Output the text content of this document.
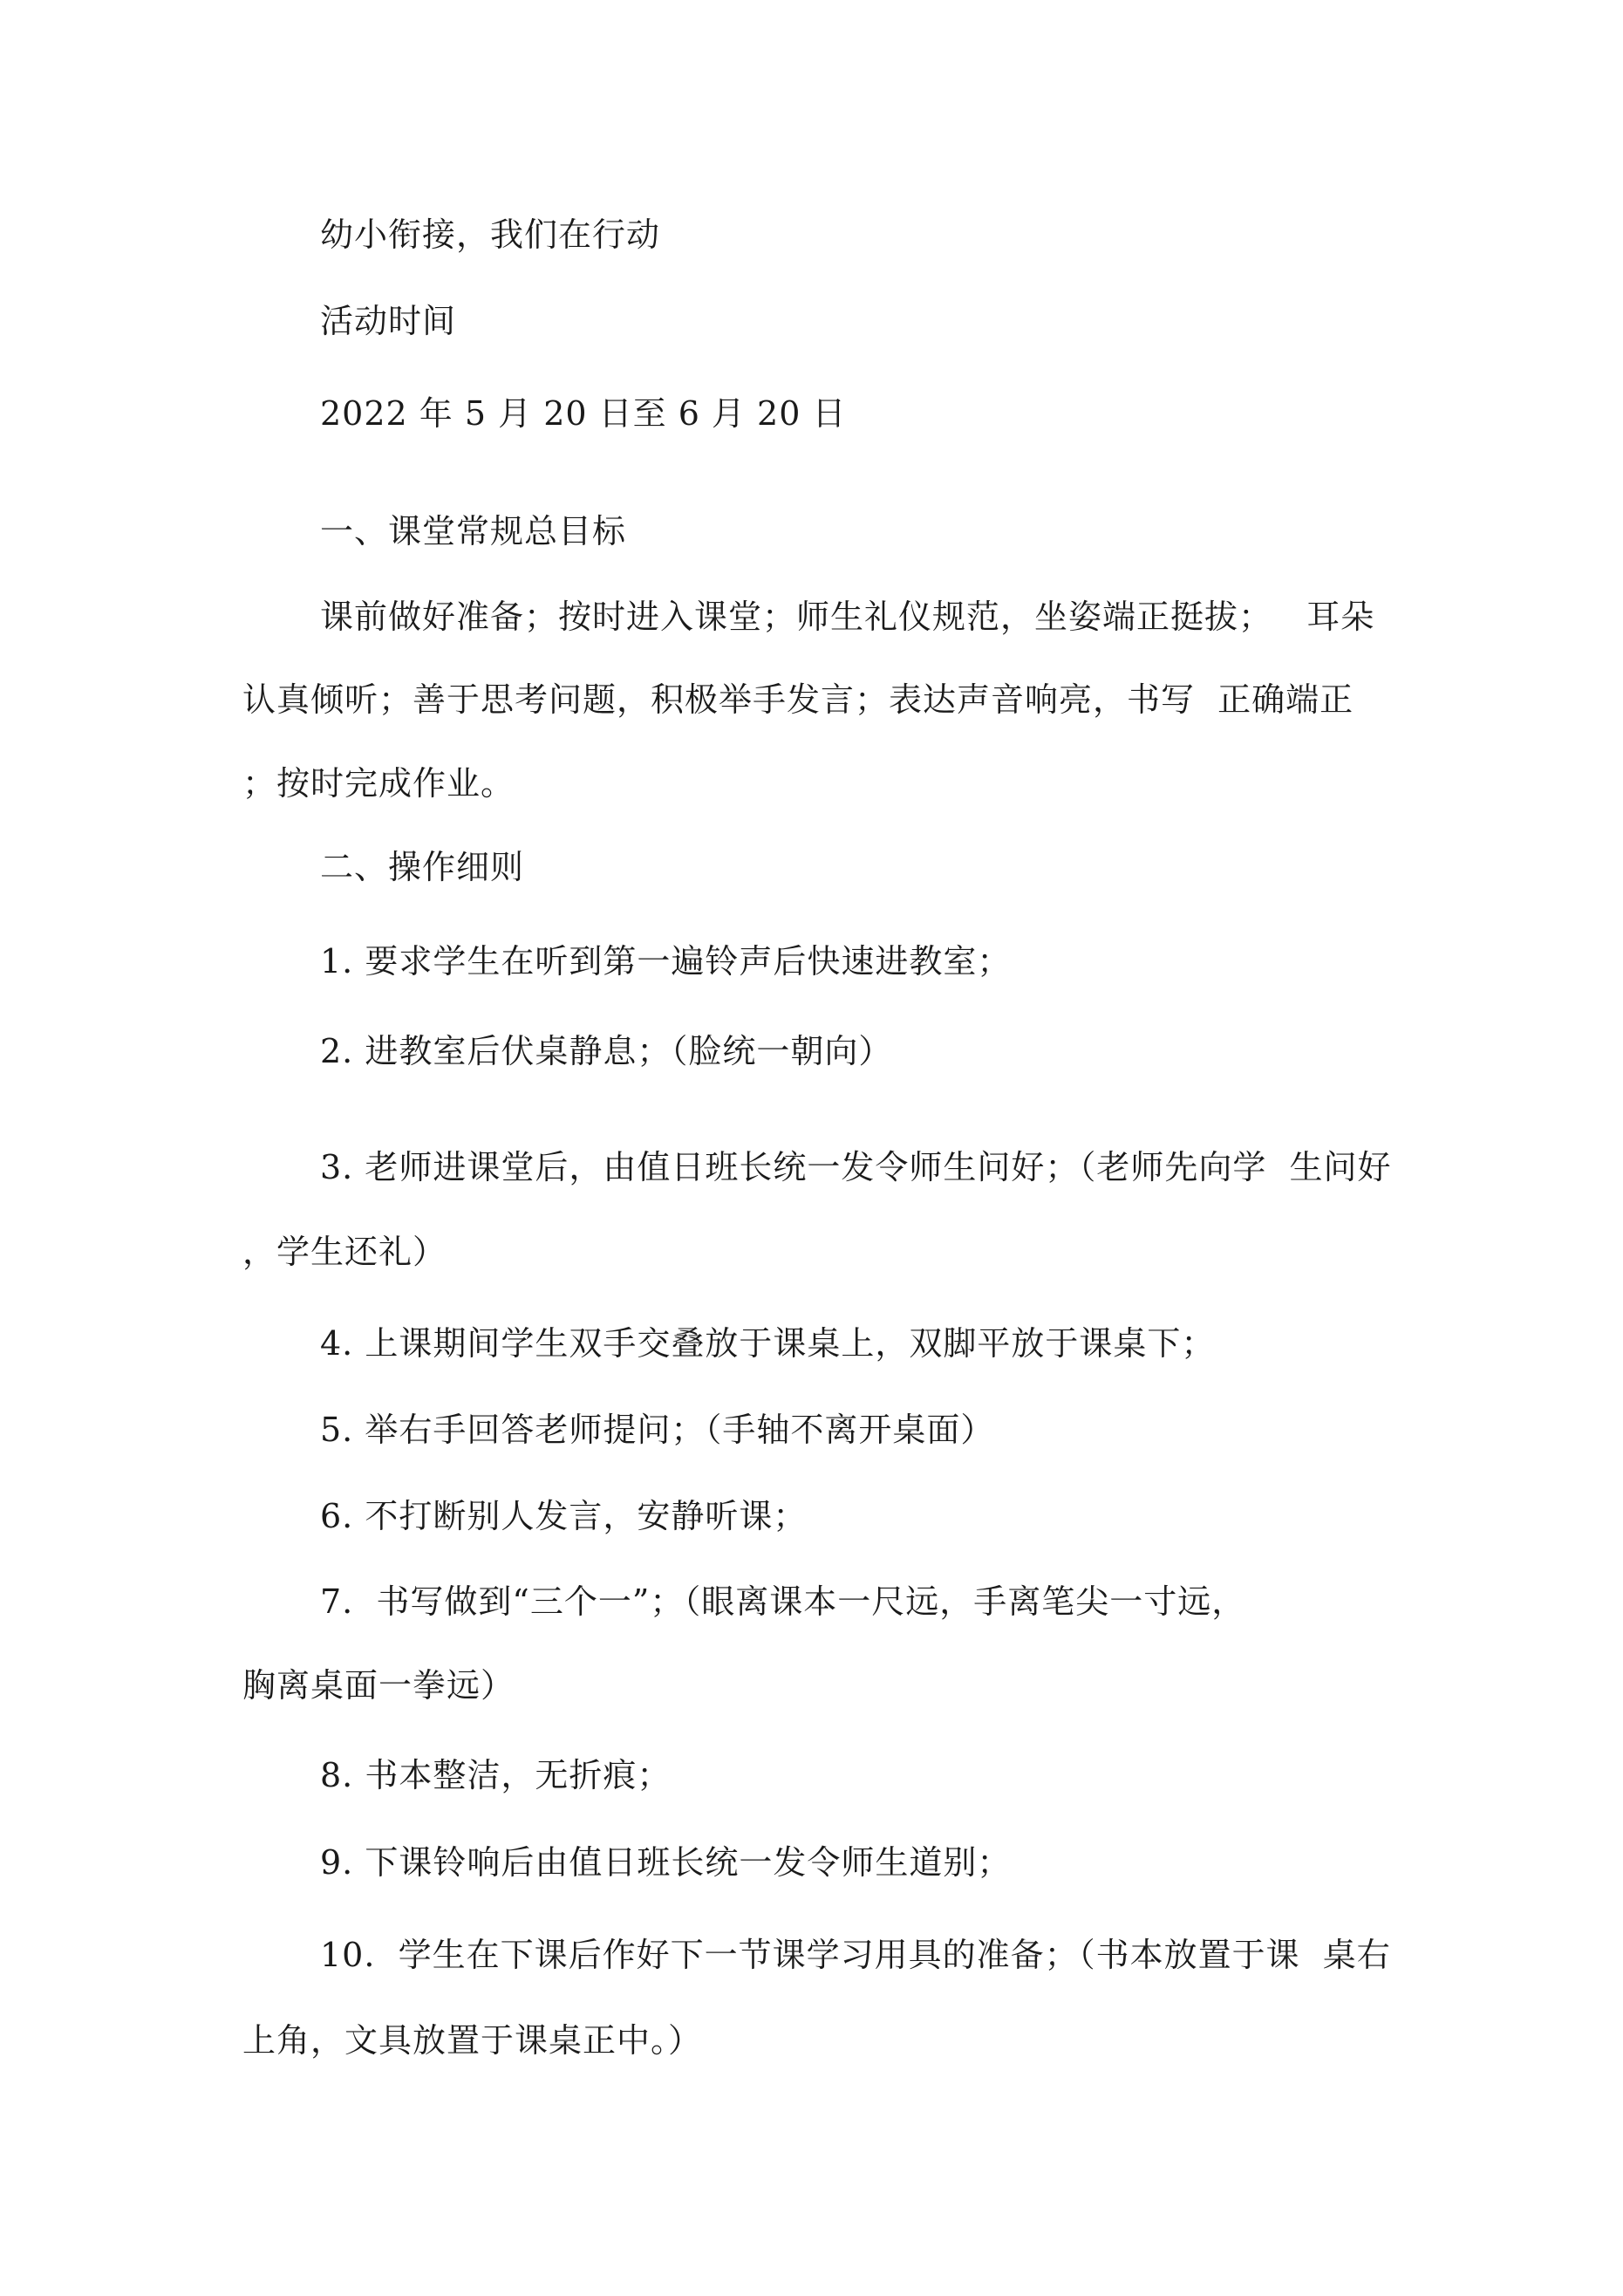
幼小衔接，我们在行动
活动时间
2022 年 5 月 20 日至 6 月 20 日
一、课堂常规总目标
课前做好准备；按时进入课堂；师生礼仪规范，坐姿端正挺拔；   耳朵
认真倾听；善于思考问题，积极举手发言；表达声音响亮，书写  正确端正
；按时完成作业。
二、操作细则
1. 要求学生在听到第一遍铃声后快速进教室；
2. 进教室后伏桌静息；（脸统一朝向）
3. 老师进课堂后，由值日班长统一发令师生问好；（老师先向学  生问好
，学生还礼）
4. 上课期间学生双手交叠放于课桌上，双脚平放于课桌下；
5. 举右手回答老师提问；（手轴不离开桌面）
6. 不打断别人发言，安静听课；
7.  书写做到“三个一”；（眼离课本一尺远，手离笔尖一寸远，
胸离桌面一拳远）
8. 书本整洁，无折痕；
9. 下课铃响后由值日班长统一发令师生道别；
10.  学生在下课后作好下一节课学习用具的准备；（书本放置于课  桌右
上角，文具放置于课桌正中。）
